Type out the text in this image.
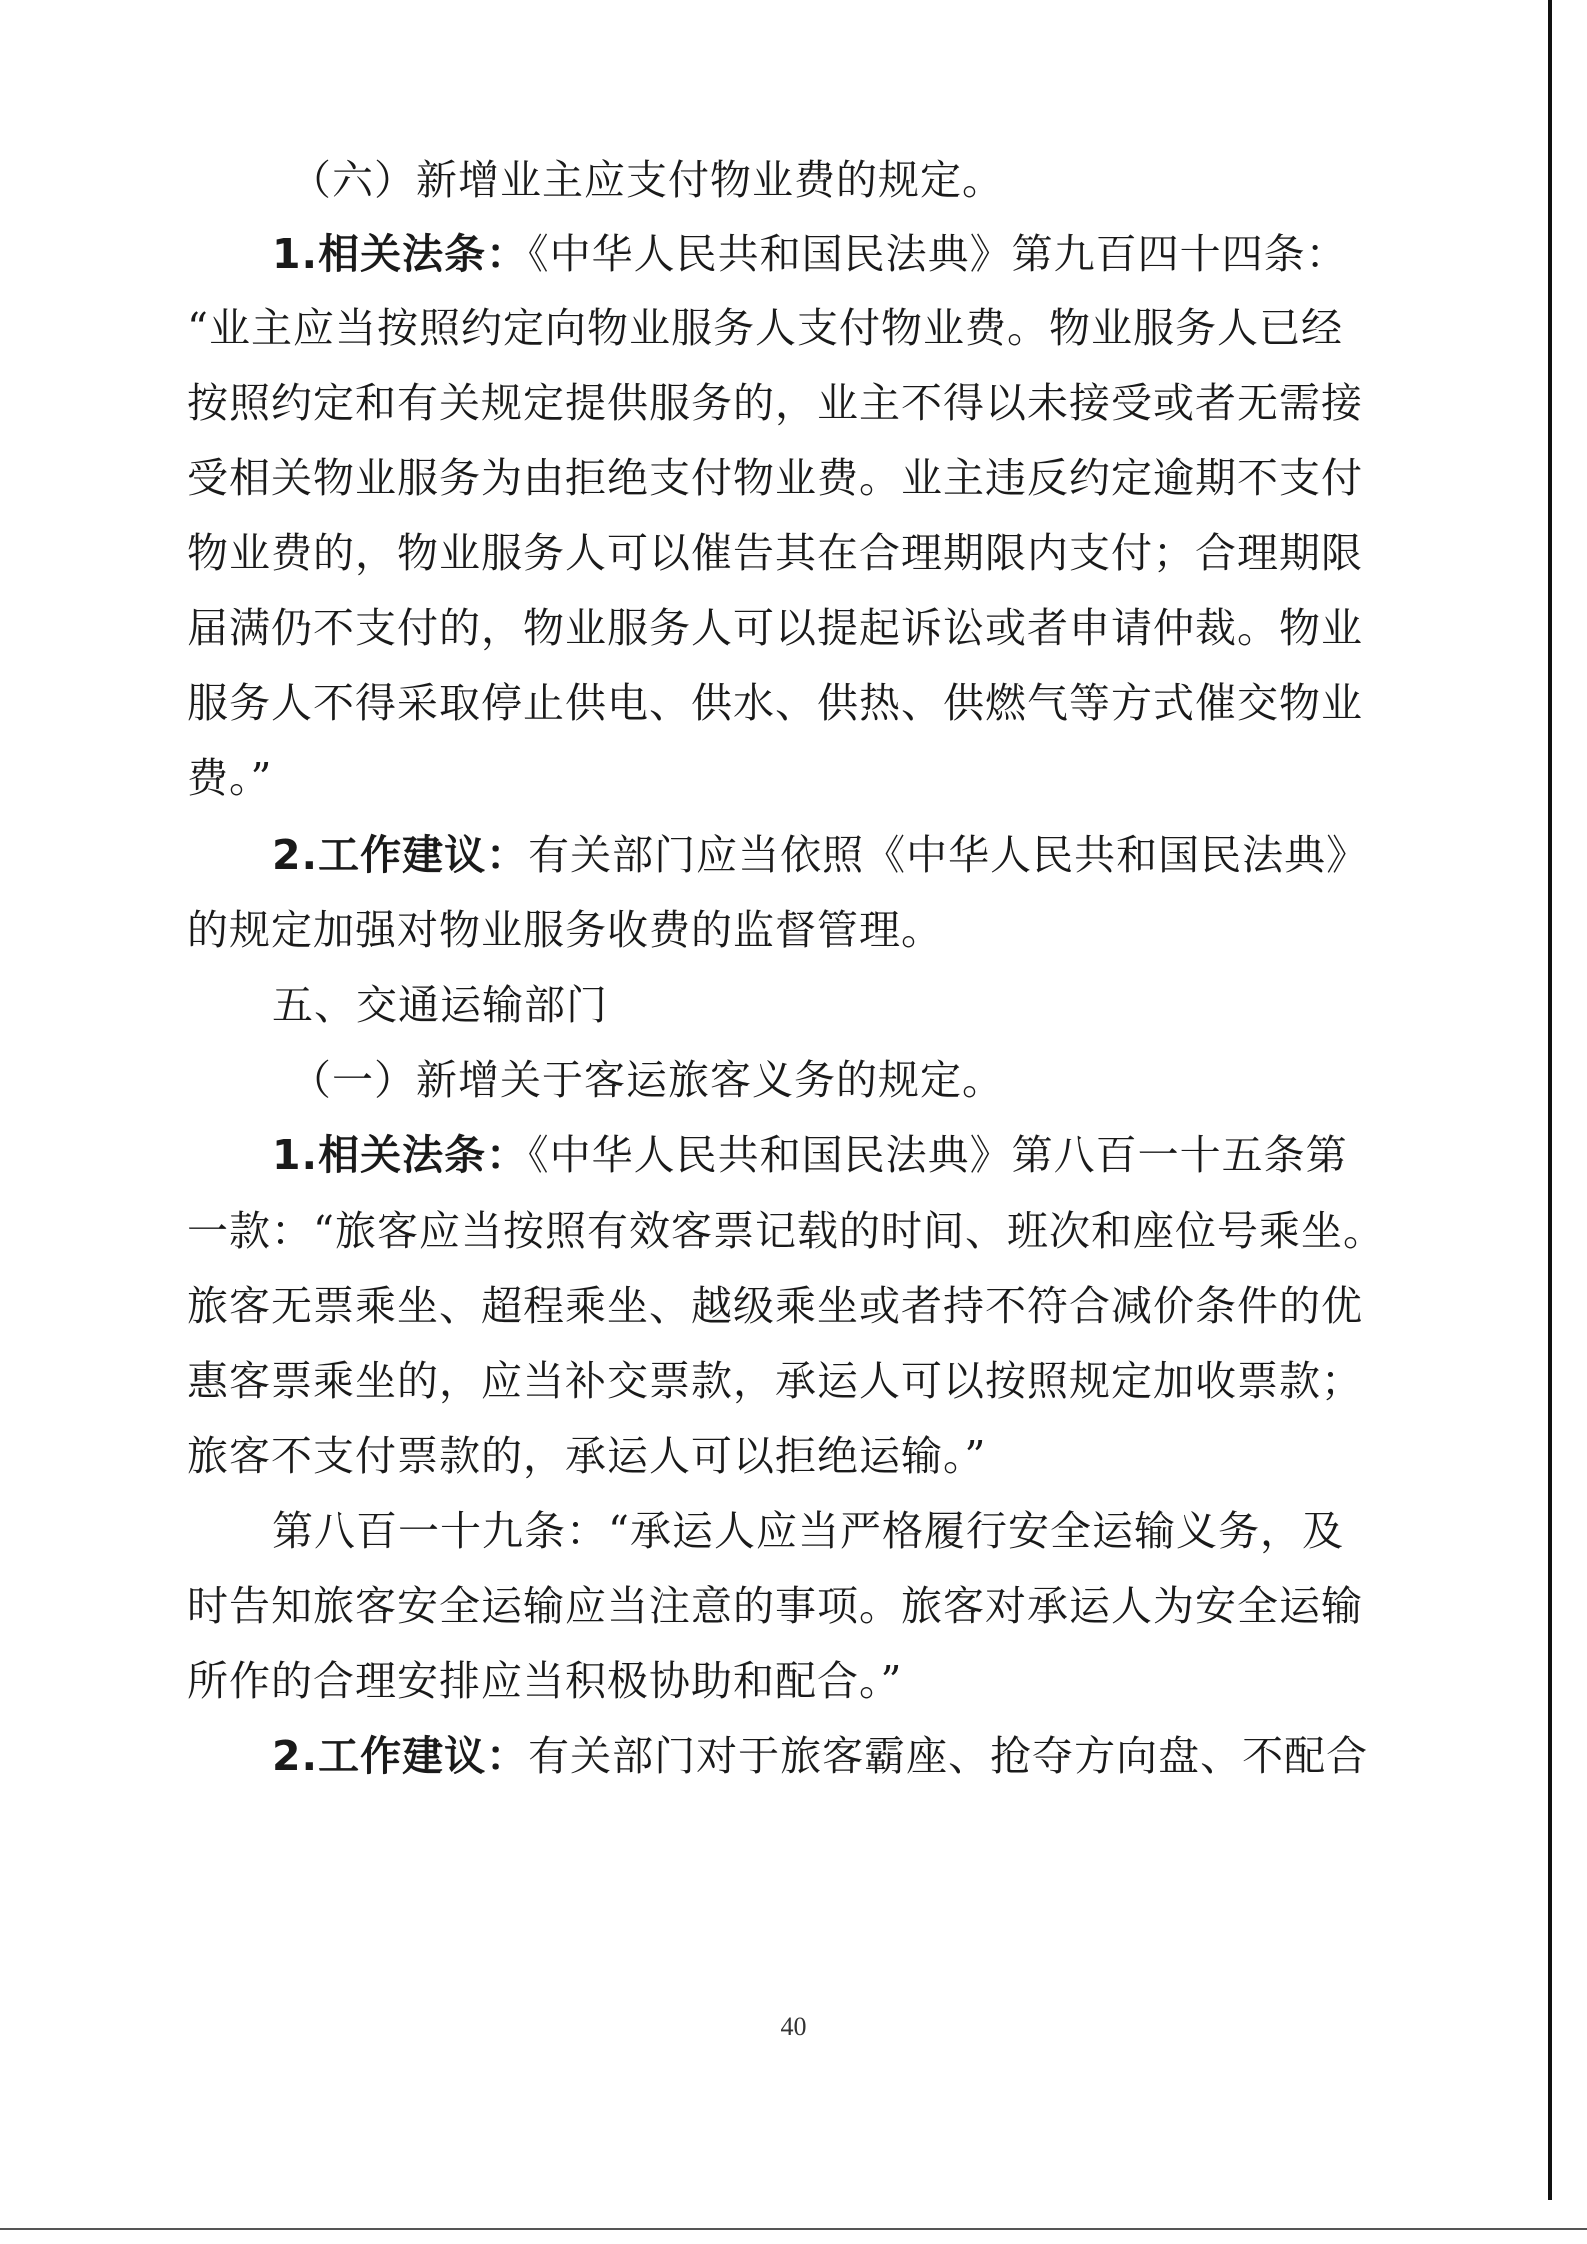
（六）新增业主应支付物业费的规定。
1.相关法条：《中华人民共和国民法典》第九百四十四条：
“业主应当按照约定向物业服务人支付物业费。物业服务人已经
按照约定和有关规定提供服务的，业主不得以未接受或者无需接
受相关物业服务为由拒绝支付物业费。业主违反约定逾期不支付
物业费的，物业服务人可以催告其在合理期限内支付；合理期限
届满仍不支付的，物业服务人可以提起诉讼或者申请仲裁。物业
服务人不得采取停止供电、供水、供热、供燃气等方式催交物业
费。”
2.工作建议：有关部门应当依照《中华人民共和国民法典》
的规定加强对物业服务收费的监督管理。
五、交通运输部门
（一）新增关于客运旅客义务的规定。
1.相关法条：《中华人民共和国民法典》第八百一十五条第
一款：“旅客应当按照有效客票记载的时间、班次和座位号乘坐。
旅客无票乘坐、超程乘坐、越级乘坐或者持不符合减价条件的优
惠客票乘坐的，应当补交票款，承运人可以按照规定加收票款；
旅客不支付票款的，承运人可以拒绝运输。”
第八百一十九条：“承运人应当严格履行安全运输义务，及
时告知旅客安全运输应当注意的事项。旅客对承运人为安全运输
所作的合理安排应当积极协助和配合。”
2.工作建议：有关部门对于旅客霸座、抢夺方向盘、不配合
40
